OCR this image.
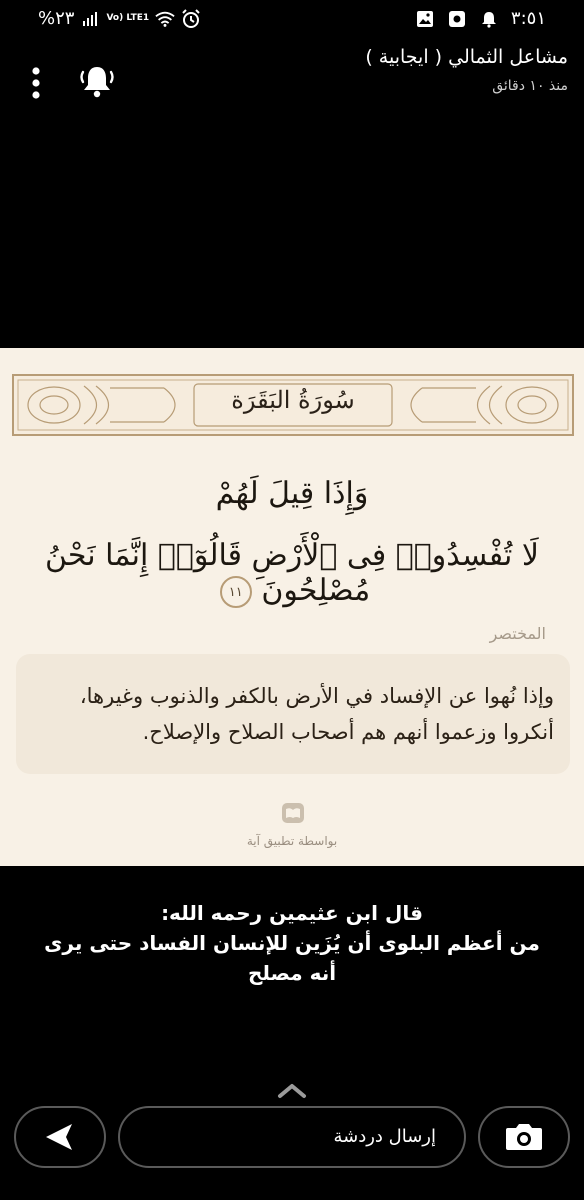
%٢٣	Vo) LTE1	٣:٥١
مشاعل الثمالي ( ايجابية )
منذ ١٠ دقائق
سُورَةُ البَقَرَة
وَإِذَا قِيلَ لَهُمْ
لَا تُفْسِدُوا۟ فِى ٱلْأَرْضِ قَالُوٓا۟ إِنَّمَا نَحْنُ مُصْلِحُونَ ١١
المختصر
وإذا نُهوا عن الإفساد في الأرض بالكفر والذنوب وغيرها، أنكروا وزعموا أنهم هم أصحاب الصلاح والإصلاح.
بواسطة تطبيق آية
قال ابن عثيمين رحمه الله:
من أعظم البلوى أن يُزَين للإنسان الفساد حتى يرى
أنه مصلح
إرسال دردشة
